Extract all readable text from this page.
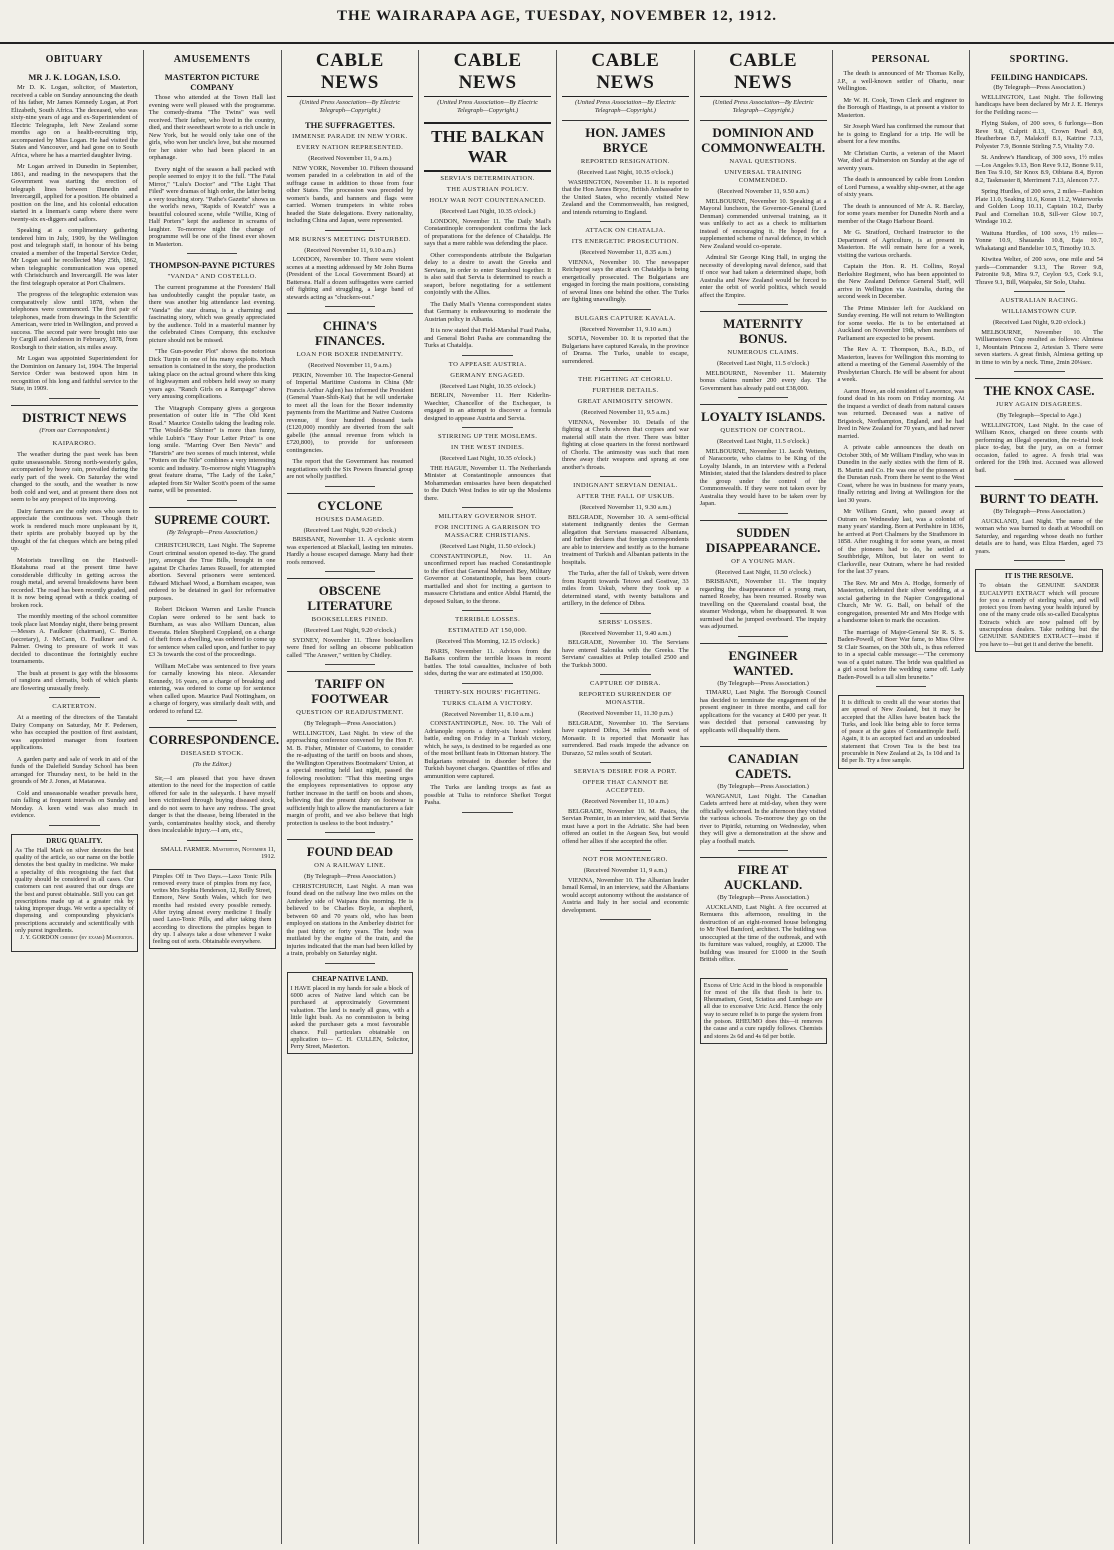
THE WAIRARAPA AGE, TUESDAY, NOVEMBER 12, 1912.
OBITUARY
MR J. K. LOGAN, I.S.O.

Mr D. K. Logan, solicitor, of Masterton, received a cable on Sunday announcing the death of his father, Mr James Kennedy Logan, at Port Elizabeth, South Africa. The deceased, who was sixty-nine years of age and ex-Superintendent of Electric Telegraphs, left New Zealand some months ago on a health-recruiting trip, accompanied by Miss Logan. He had visited the States and Vancouver, and had gone on to South Africa, where he has a married daughter living.

Mr Logan arrived in Dunedin in September, 1861, and reading in the newspapers that the Government was starting the erection of telegraph lines between Dunedin and Invercargill, applied for a position. He obtained a position on the line, and his colonial education started in a lineman's camp where there were twenty-six ex-diggers and sailors.

Speaking at a complimentary gathering tendered him in July, 1909, by the Wellington post and telegraph staff, in honour of his being created a member of the Imperial Service Order, Mr Logan said he recollected May 25th, 1862, when telegraphic communication was opened with Christchurch and Invercargill. He was later the first telegraph operator at Port Chalmers.

The progress of the telegraphic extension was comparatively slow until 1878, when the telephones were commenced. The first pair of telephones, made from drawings in the Scientific American, were tried in Wellington, and proved a success. The second pair were brought into use by Cargill and Anderson in February, 1878, from Roxburgh to their station, six miles away.

Mr Logan was appointed Superintendent for the Dominion on January 1st, 1904. The Imperial Service Order was bestowed upon him in recognition of his long and faithful service to the State, in 1909.

DISTRICT NEWS
(From our Correspondent.)
KAIPARORO.

The weather during the past week has been quite unseasonable. Strong north-westerly gales, accompanied by heavy rain, prevailed during the early part of the week. On Saturday the wind changed to the south, and the weather is now both cold and wet, and at present there does not seem to be any prospect of its improving.

Dairy farmers are the only ones who seem to appreciate the continuous wet. Though their work is rendered much more unpleasant by it, their spirits are probably buoyed up by the thought of the fat cheques which are being piled up.

Motorists travelling on the Hastwell-Ekatahuna road at the present time have considerable difficulty in getting across the rough metal, and several breakdowns have been recorded. The road has been recently graded, and it is now being spread with a thick coating of broken rock.

The monthly meeting of the school committee took place last Monday night, there being present—Messrs A. Faulkner (chairman), C. Burton (secretary), J. McCann, O. Faulkner and A. Palmer. Owing to pressure of work it was decided to discontinue the fortnightly euchre tournaments.

The bush at present is gay with the blossoms of rangiora and clematis, both of which plants are flowering unusually freely.

CARTERTON.

At a meeting of the directors of the Taratahi Dairy Company on Saturday, Mr F. Pedersen, who has occupied the position of first assistant, was appointed manager from fourteen applications.

A garden party and sale of work in aid of the funds of the Dalefield Sunday School has been arranged for Thursday next, to be held in the grounds of Mr J. Jones, at Matarawa.

Cold and unseasonable weather prevails here, rain falling at frequent intervals on Sunday and Monday. A keen wind was also much in evidence.

DRUG QUALITY.
As The Hall Mark on silver denotes the best quality of the article, so our name on the bottle denotes the best quality in medicine. We make a speciality of this recognising the fact that quality should be considered in all cases. Our customers can rest assured that our drugs are the best and purest obtainable. Still you can get prescriptions made up at a greater risk by taking improper drugs. We write a speciality of dispensing and compounding physician's prescriptions accurately and scientifically with only purest ingredients.
J. Y. GORDON chemist (by exams) Masterton.
AMUSEMENTS
MASTERTON PICTURE COMPANY

Those who attended at the Town Hall last evening were well pleased with the programme. The comedy-drama "The Twins" was well received. Their father, who lived in the country, died, and their sweetheart wrote to a rich uncle in New York, but he would only take one of the girls, who won her uncle's love, but she mourned for her sister who had been placed in an orphanage.

Every night of the season a hall packed with people seemed to enjoy it to the full. "The Fatal Mirror," "Lulu's Doctor" and "The Light That Filed" were dramas of high order, the latter being a very touching story. "Pathe's Gazette" shows us the world's news, "Rapids of Kwatch" was a beautiful coloured scene, while "Willie, King of Half Porters" kept the audience in screams of laughter. To-morrow night the change of programme will be one of the finest ever shown in Masterton.

THOMPSON-PAYNE PICTURES
"VANDA" AND COSTELLO.

The current programme at the Foresters' Hall has undoubtedly caught the popular taste, as there was another big attendance last evening. "Vanda" the star drama, is a charming and fascinating story, which was greatly appreciated by the audience. Told in a masterful manner by the celebrated Cines Company, this exclusive picture should not be missed.

"The Gun-powder Plot" shows the notorious Dick Turpin in one of his many exploits. Much sensation is contained in the story, the production taking place on the actual ground where this king of highwaymen and robbers held sway so many years ago. "Ranch Girls on a Rampage" shows very amusing complications.

The Vitagraph Company gives a gorgeous presentation of outer life in "The Old Kent Road." Maurice Costello taking the leading role. "The Would-Be Shriner" is more than funny, while Lubin's "Easy Four Letter Prize" is one long smile. "Marring Over Ben Nevis" and "Harstris" are two scenes of much interest, while "Potters on the Nile" combines a very interesting scenic and industry. To-morrow night Vitagraph's great feature drama, "The Lady of the Lake," adapted from Sir Walter Scott's poem of the same name, will be presented.

SUPREME COURT.
(By Telegraph—Press Association.)

CHRISTCHURCH, Last Night. The Supreme Court criminal session opened to-day. The grand jury, amongst the True Bills, brought in one against Dr Charles James Russell, for attempted abortion. Several prisoners were sentenced. Edward Michael Wood, a Burnham escapee, was ordered to be detained in gaol for reformative purposes.

Robert Dickson Warren and Leslie Francis Coplan were ordered to be sent back to Burnham, as was also William Duncan, alias Ewerata. Helen Shepherd Coppland, on a charge of theft from a dwelling, was ordered to come up for sentence when called upon, and further to pay £3 3s towards the cost of the proceedings.

William McCabe was sentenced to five years for carnally knowing his niece. Alexander Kennedy, 16 years, on a charge of breaking and entering, was ordered to come up for sentence when called upon. Maurice Paul Nottingham, on a charge of forgery, was similarly dealt with, and ordered to refund £2.

CORRESPONDENCE.
DISEASED STOCK.
(To the Editor.)

Sir,—I am pleased that you have drawn attention to the need for the inspection of cattle offered for sale in the saleyards. I have myself been victimised through buying diseased stock, and do not seem to have any redress. The great danger is that the disease, being liberated in the yards, contaminates healthy stock, and thereby does incalculable injury.—I am, etc.,

SMALL FARMER. Masterton, November 11, 1912.
Pimples Off in Two Days.—Laxo Tonic Pills removed every trace of pimples from my face, writes Mrs Sophia Henderson, 12, Reilly Street, Enmore, New South Wales, which for two months had resisted every possible remedy. After trying almost every medicine I finally used Laxo-Tonic Pills, and after taking them according to directions the pimples began to dry up. I always take a dose whenever I wake feeling out of sorts. Obtainable everywhere.
CABLE NEWS
(United Press Association—By Electric Telegraph—Copyright.)
THE SUFFRAGETTES.
IMMENSE PARADE IN NEW YORK.
EVERY NATION REPRESENTED.
(Received November 11, 9 a.m.)

NEW YORK, November 10. Fifteen thousand women paraded in a celebration in aid of the suffrage cause in addition to those from four other States. The procession was preceded by women's bands, and banners and flags were carried. Women trumpeters in white robes headed the State delegations. Every nationality, including China and Japan, were represented.

MR BURNS'S MEETING DISTURBED.
(Received November 11, 9.10 a.m.)

LONDON, November 10. There were violent scenes at a meeting addressed by Mr John Burns (President of the Local Government Board) at Battersea. Half a dozen suffragettes were carried off fighting and struggling, a large band of stewards acting as "chuckers-out."

CHINA'S FINANCES.
LOAN FOR BOXER INDEMNITY.
(Received November 11, 9 a.m.)

PEKIN, November 10. The Inspector-General of Imperial Maritime Customs in China (Mr Francis Arthur Aglen) has informed the President (General Yuan-Shih-Kai) that he will undertake to meet all the loan for the Boxer indemnity payments from the Maritime and Native Customs revenue, if four hundred thousand taels (£120,000) monthly are diverted from the salt gabelle (the annual revenue from which is £720,800), to provide for unforeseen contingencies.

The report that the Government has resumed negotiations with the Six Powers financial group are not wholly justified.

CYCLONE
HOUSES DAMAGED.
(Received Last Night, 9.20 o'clock.)

BRISBANE, November 11. A cyclonic storm was experienced at Blackall, lasting ten minutes. Hardly a house escaped damage. Many had their roofs removed.

OBSCENE LITERATURE
BOOKSELLERS FINED.
(Received Last Night, 9.20 o'clock.)

SYDNEY, November 11. Three booksellers were fined for selling an obscene publication called "The Answer," written by Chidley.

TARIFF ON FOOTWEAR
QUESTION OF READJUSTMENT.
(By Telegraph—Press Association.)

WELLINGTON, Last Night. In view of the approaching conference convened by the Hon F. M. B. Fisher, Minister of Customs, to consider the re-adjusting of the tariff on boots and shoes, the Wellington Operatives Bootmakers' Union, at a special meeting held last night, passed the following resolution: "That this meeting urges the employees representatives to oppose any further increase in the tariff on boots and shoes, believing that the present duty on footwear is sufficiently high to allow the manufacturers a fair margin of profit, and we also believe that high protection is useless to the boot industry."

FOUND DEAD
ON A RAILWAY LINE.
(By Telegraph—Press Association.)

CHRISTCHURCH, Last Night. A man was found dead on the railway line two miles on the Amberley side of Waipara this morning. He is believed to be Charles Boyle, a shepherd, between 60 and 70 years old, who has been employed on stations in the Amberley district for the past thirty or forty years. The body was mutilated by the engine of the train, and the injuries indicated that the man had been killed by a train, probably on Saturday night.

CHEAP NATIVE LAND.
I HAVE placed in my hands for sale a block of 6000 acres of Native land which can be purchased at approximately Government valuation. The land is nearly all grass, with a little light bush. As no commission is being asked the purchaser gets a most favourable chance. Full particulars obtainable on application to— C. H. CULLEN, Solicitor, Perry Street, Masterton.
CABLE NEWS
(United Press Association—By Electric Telegraph—Copyright.)
THE BALKAN WAR
SERVIA'S DETERMINATION.
THE AUSTRIAN POLICY.
HOLY WAR NOT COUNTENANCED.
(Received Last Night, 10.35 o'clock.)

LONDON, November 11. The Daily Mail's Constantinople correspondent confirms the lack of preparations for the defence of Chataldja. He says that a mere rabble was defending the place.

Other correspondents attribute the Bulgarian delay to a desire to await the Greeks and Servians, in order to enter Stamboul together. It is also said that Servia is determined to reach a seaport, before negotiating for a settlement conjointly with the Allies.

The Daily Mail's Vienna correspondent states that Germany is endeavouring to moderate the Austrian policy in Albania.

It is now stated that Field-Marshal Fuad Pasha, and General Bohri Pasha are commanding the Turks at Chataldja.

TO APPEASE AUSTRIA.
GERMANY ENGAGED.
(Received Last Night, 10.35 o'clock.)

BERLIN, November 11. Herr Kiderlin-Waechter, Chancellor of the Exchequer, is engaged in an attempt to discover a formula designed to appease Austria and Servia.

STIRRING UP THE MOSLEMS.
IN THE WEST INDIES.
(Received Last Night, 10.35 o'clock.)

THE HAGUE, November 11. The Netherlands Minister at Constantinople announces that Mohammedan emissaries have been despatched to the Dutch West Indies to stir up the Moslems there.

MILITARY GOVERNOR SHOT.
FOR INCITING A GARRISON TO MASSACRE CHRISTIANS.
(Received Last Night, 11.50 o'clock.)

CONSTANTINOPLE, Nov. 11. An unconfirmed report has reached Constantinople to the effect that General Mehmedi Bey, Military Governor at Constantinople, has been court-martialled and shot for inciting a garrison to massacre Christians and entice Abdul Hamid, the deposed Sultan, to the throne.

TERRIBLE LOSSES.
ESTIMATED AT 150,000.
(Received This Morning, 12.15 o'clock.)

PARIS, November 11. Advices from the Balkans confirm the terrible losses in recent battles. The total casualties, inclusive of both sides, during the war are estimated at 150,000.

THIRTY-SIX HOURS' FIGHTING.
TURKS CLAIM A VICTORY.
(Received November 11, 8.10 a.m.)

CONSTANTINOPLE, Nov. 10. The Vali of Adrianople reports a thirty-six hours' violent battle, ending on Friday in a Turkish victory, which, he says, is destined to be regarded as one of the most brilliant feats in Ottoman history. The Bulgarians retreated in disorder before the Turkish bayonet charges. Quantities of rifles and ammunition were captured.

The Turks are landing troops as fast as possible at Tulia to reinforce Shefket Torgut Pasha.

CABLE NEWS
(United Press Association—By Electric Telegraph—Copyright.)
HON. JAMES BRYCE
REPORTED RESIGNATION.
(Received Last Night, 10.35 o'clock.)

WASHINGTON, November 11. It is reported that the Hon James Bryce, British Ambassador to the United States, who recently visited New Zealand and the Commonwealth, has resigned, and intends returning to England.

ATTACK ON CHATALJA.
ITS ENERGETIC PROSECUTION.
(Received November 11, 8.35 a.m.)

VIENNA, November 10. The newspaper Reichspost says the attack on Chataldja is being energetically prosecuted. The Bulgarians are engaged in forcing the main positions, consisting of several lines one behind the other. The Turks are fighting unavailingly.

BULGARS CAPTURE KAVALA.
(Received November 11, 9.10 a.m.)

SOFIA, November 10. It is reported that the Bulgarians have captured Kavala, in the province of Drama. The Turks, unable to escape, surrendered.

THE FIGHTING AT CHORLU.
FURTHER DETAILS.
GREAT ANIMOSITY SHOWN.
(Received November 11, 9.5 a.m.)

VIENNA, November 10. Details of the fighting at Chorlu shown that corpses and war material still stain the river. There was bitter fighting at close quarters in the forest northward of Chorlu. The animosity was such that men threw away their weapons and sprang at one another's throats.

INDIGNANT SERVIAN DENIAL.
AFTER THE FALL OF USKUB.
(Received November 11, 9.30 a.m.)

BELGRADE, November 10. A semi-official statement indignantly denies the German allegation that Servians massacred Albanians, and further declares that foreign correspondents are able to interview and testify as to the humane treatment of Turkish and Albanian patients in the hospitals.

The Turks, after the fall of Uskub, were driven from Kupriti towards Tetovo and Gostivar, 33 miles from Uskub, where they took up a determined stand, with twenty battalions and artillery, in the defence of Dibra.

SERBS' LOSSES.
(Received November 11, 9.40 a.m.)

BELGRADE, November 10. The Servians have entered Salonika with the Greeks. The Servians' casualties at Prilep totalled 2500 and the Turkish 3000.

CAPTURE OF DIBRA.
REPORTED SURRENDER OF MONASTIR.
(Received November 11, 11.30 p.m.)

BELGRADE, November 10. The Servians have captured Dibra, 34 miles north west of Monastir. It is reported that Monastir has surrendered. Bad roads impede the advance on Durazzo, 52 miles south of Scutari.

SERVIA'S DESIRE FOR A PORT.
OFFER THAT CANNOT BE ACCEPTED.
(Received November 11, 10 a.m.)

BELGRADE, November 10. M. Pasics, the Servian Premier, in an interview, said that Servia must have a port in the Adriatic. She had been offered an outlet in the Aegean Sea, but would offend her allies if she accepted the offer.

NOT FOR MONTENEGRO.
(Received November 11, 9 a.m.)

VIENNA, November 10. The Albanian leader Ismail Kemal, in an interview, said the Albanians would accept autonomy without the assistance of Austria and Italy in her social and economic development.

CABLE NEWS
(United Press Association—By Electric Telegraph—Copyright.)
DOMINION AND COMMONWEALTH.
NAVAL QUESTIONS.
UNIVERSAL TRAINING COMMENDED.
(Received November 11, 9.50 a.m.)

MELBOURNE, November 10. Speaking at a Mayoral luncheon, the Governor-General (Lord Denman) commended universal training, as it was unlikely to act as a check to militarism instead of encouraging it. He hoped for a supplemented scheme of naval defence, in which New Zealand would co-operate.

Admiral Sir George King Hall, in urging the necessity of developing naval defence, said that if once war had taken a determined shape, both Australia and New Zealand would be forced to enter the orbit of world politics, which would affect the Empire.

MATERNITY BONUS.
NUMEROUS CLAIMS.
(Received Last Night, 11.5 o'clock.)

MELBOURNE, November 11. Maternity bonus claims number 200 every day. The Government has already paid out £38,000.

LOYALTY ISLANDS.
QUESTION OF CONTROL.
(Received Last Night, 11.5 o'clock.)

MELBOURNE, November 11. Jacob Wetters, of Naracoorte, who claims to be King of the Loyalty Islands, in an interview with a Federal Minister, stated that the Islanders desired to place the group under the control of the Commonwealth. If they were not taken over by Australia they would have to be taken over by Japan.

SUDDEN DISAPPEARANCE.
OF A YOUNG MAN.
(Received Last Night, 11.50 o'clock.)

BRISBANE, November 11. The inquiry regarding the disappearance of a young man, named Roseby, has been resumed. Roseby was travelling on the Queensland coastal boat, the steamer Wodonga, when he disappeared. It was surmised that he jumped overboard. The inquiry was adjourned.

ENGINEER WANTED.
(By Telegraph—Press Association.)

TIMARU, Last Night. The Borough Council has decided to terminate the engagement of the present engineer in three months, and call for applications for the vacancy at £400 per year. It was decided that personal canvassing by applicants will disqualify them.

CANADIAN CADETS.
(By Telegraph—Press Association.)

WANGANUI, Last Night. The Canadian Cadets arrived here at mid-day, when they were officially welcomed. In the afternoon they visited the various schools. To-morrow they go on the river to Pipiriki, returning on Wednesday, when they will give a demonstration at the show and play a football match.

FIRE AT AUCKLAND.
(By Telegraph—Press Association.)

AUCKLAND, Last Night. A fire occurred at Remuera this afternoon, resulting in the destruction of an eight-roomed house belonging to Mr Noel Bamford, architect. The building was unoccupied at the time of the outbreak, and with its furniture was valued, roughly, at £2000. The building was insured for £1000 in the South British office.

Excess of Uric Acid in the blood is responsible for most of the ills that flesh is heir to. Rheumatism, Gout, Sciatica and Lumbago are all due to excessive Uric Acid. Hence the only way to secure relief is to purge the system from the poison. RHEUMO does this—it removes the cause and a cure rapidly follows. Chemists and stores 2s 6d and 4s 6d per bottle.
PERSONAL

The death is announced of Mr Thomas Kelly, J.P., a well-known settler of Ohariu, near Wellington.

Mr W. H. Cook, Town Clerk and engineer to the Borough of Hastings, is at present a visitor to Masterton.

Sir Joseph Ward has confirmed the rumour that he is going to England for a trip. He will be absent for a few months.

Mr Christian Curtis, a veteran of the Maori War, died at Palmerston on Sunday at the age of seventy years.

The death is announced by cable from London of Lord Furness, a wealthy ship-owner, at the age of sixty years.

The death is announced of Mr A. R. Barclay, for some years member for Dunedin North and a member of the Otago Harbour Board.

Mr G. Stratford, Orchard Instructor to the Department of Agriculture, is at present in Masterton. He will remain here for a week, visiting the various orchards.

Captain the Hon. R. H. Collins, Royal Berkshire Regiment, who has been appointed to the New Zealand Defence General Staff, will arrive in Wellington via Australia, during the second week in December.

The Prime Minister left for Auckland on Sunday evening. He will not return to Wellington for some weeks. He is to be entertained at Auckland on November 19th, when members of Parliament are expected to be present.

The Rev A. T. Thompson, B.A., B.D., of Masterton, leaves for Wellington this morning to attend a meeting of the General Assembly of the Presbyterian Church. He will be absent for about a week.

Aaron Howe, an old resident of Lawrence, was found dead in his room on Friday morning. At the inquest a verdict of death from natural causes was returned. Deceased was a native of Brigstock, Northampton, England, and he had lived in New Zealand for 70 years, and had never married.

A private cable announces the death on October 30th, of Mr William Findlay, who was in Dunedin in the early sixties with the firm of R. B. Martin and Co. He was one of the pioneers at the Dunstan rush. From there he went to the West Coast, where he was in business for many years, finally retiring and living at Wellington for the last 30 years.

Mr William Grant, who passed away at Outram on Wednesday last, was a colonist of many years' standing. Born at Perthshire in 1836, he arrived at Port Chalmers by the Strathmore in 1858. After roughing it for some years, as most of the pioneers had to do, he settled at Southbridge, Milton, but later on went to Clarksville, near Outram, where he had resided for the last 37 years.

The Rev. Mr and Mrs A. Hodge, formerly of Masterton, celebrated their silver wedding, at a social gathering in the Napier Congregational Church, Mr W. G. Ball, on behalf of the congregation, presented Mr and Mrs Hodge with a handsome token to mark the occasion.

The marriage of Major-General Sir R. S. S. Baden-Powell, of Boer War fame, to Miss Olive St Clair Soames, on the 30th ult., is thus referred to in a special cable message:—"The ceremony was of a quiet nature. The bride was qualified as a girl scout before the wedding came off. Lady Baden-Powell is a tall slim brunette."

It is difficult to credit all the wear stories that are spread of New Zealand, but it may be accepted that the Allies have beaten back the Turks, and look like being able to force terms of peace at the gates of Constantinople itself. Again, it is an accepted fact and an undoubted statement that Crown Tea is the best tea procurable in New Zealand at 2s, 1s 10d and 1s 8d per lb. Try a free sample.
SPORTING.
FEILDING HANDICAPS.
(By Telegraph—Press Association.)

WELLINGTON, Last Night. The following handicaps have been declared by Mr J. E. Henrys for the Feilding races:—

Flying Stakes, of 200 sovs, 6 furlongs—Bon Reve 9.8, Culprit 8.13, Crown Pearl 8.9, Heatherbrae 8.7, Malakoff 8.1, Katrine 7.13, Polyester 7.9, Bonnie Stirling 7.5, Vitality 7.0.

St. Andrew's Handicap, of 300 sovs, 1½ miles—Los Angeles 9.13, Bon Reve 9.12, Bonne 9.11, Ben Tea 9.10, Sir Knox 8.9, Oibiana 8.4, Byron 8.2, Taskmaster 8, Merriment 7.13, Alencon 7.7.

Spring Hurdles, of 200 sovs, 2 miles—Fashion Plate 11.0, Seaking 11.6, Koran 11.2, Waterworks and Golden Loop 10.11, Captain 10.2, Darby Paul and Cornelian 10.8, Sill-ver Glow 10.7, Windage 10.2.

Waituna Hurdles, of 100 sovs, 1½ miles—Yonne 10.9, Shauanda 10.8, Eaja 10.7, Whakatangi and Bandelier 10.5, Timothy 10.3.

Kiwitea Welter, of 200 sovs, one mile and 54 yards—Commander 9.13, The Rover 9.8, Patronite 9.8, Mira 9.7, Ceylon 9.5, Cork 9.1, Thrave 9.1, Bill, Waipaku, Sir Solo, Utahu.

AUSTRALIAN RACING.
WILLIAMSTOWN CUP.
(Received Last Night, 9.20 o'clock.)

MELBOURNE, November 10. The Williamstown Cup resulted as follows: Almiesa 1, Mountain Princess 2, Artesian 3. There were seven starters. A great finish, Almiesa getting up in time to win by a neck. Time, 2min 20¼sec.

THE KNOX CASE.
JURY AGAIN DISAGREES.
(By Telegraph—Special to Age.)

WELLINGTON, Last Night. In the case of William Knox, charged on three counts with performing an illegal operation, the re-trial took place to-day, but the jury, as on a former occasion, failed to agree. A fresh trial was ordered for the 19th inst. Accused was allowed bail.

BURNT TO DEATH.
(By Telegraph—Press Association.)

AUCKLAND, Last Night. The name of the woman who was burned to death at Woodhill on Saturday, and regarding whose death no further details are to hand, was Eliza Harden, aged 73 years.

IT IS THE RESOLVE.
To obtain the GENUINE SANDER EUCALYPTI EXTRACT which will procure for you a remedy of sterling value, and will protect you from having your health injured by one of the many crude oils so-called Eucalyptus Extracts which are now palmed off by unscrupulous dealers. Take nothing but the GENUINE SANDER'S EXTRACT—insist if you have to—but get it and derive the benefit.
